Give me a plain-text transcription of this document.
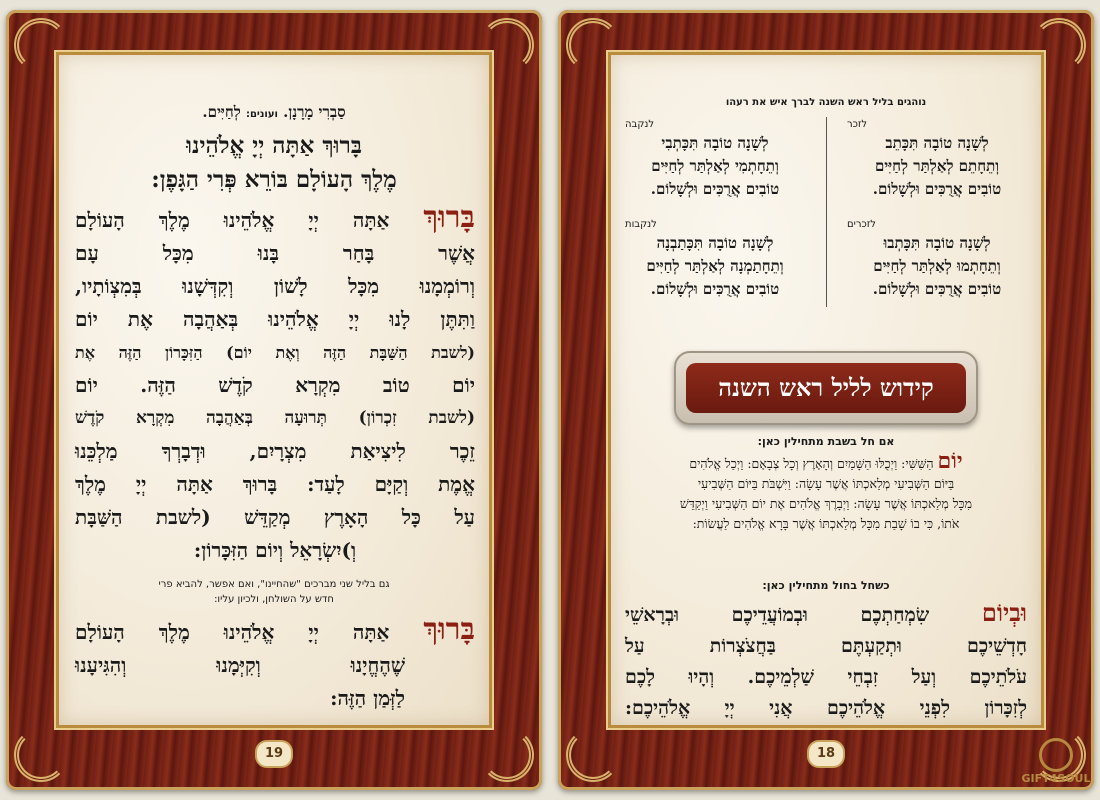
סַבְרִי מָרָנָן. ועונים: לְחַיִּים.
בָּרוּךְ אַתָּה יְיָ אֱלֹהֵינוּ
מֶלֶךְ הָעוֹלָם בּוֹרֵא פְּרִי הַגָּפֶן:
בָּרוּךְ אַתָּה יְיָ אֱלֹהֵינוּ מֶלֶךְ הָעוֹלָם
אֲשֶׁר בָּחַר בָּנוּ מִכָּל עָם
וְרוֹמְמָנוּ מִכָּל לָשׁוֹן וְקִדְּשָׁנוּ בְּמִצְוֹתָיו,
וַתִּתֶּן לָנוּ יְיָ אֱלֹהֵינוּ בְּאַהֲבָה אֶת יוֹם
(לשבת הַשַּׁבָּת הַזֶּה וְאֶת יוֹם) הַזִּכָּרוֹן הַזֶּה אֶת
יוֹם טוֹב מִקְרָא קֹדֶשׁ הַזֶּה. יוֹם
(לשבת זִכְרוֹן) תְּרוּעָה בְּאַהֲבָה מִקְרָא קֹדֶשׁ
זֵכֶר לִיצִיאַת מִצְרָיִם, וּדְבָרְךָ מַלְכֵּנוּ
אֱמֶת וְקַיָּם לָעַד: בָּרוּךְ אַתָּה יְיָ מֶלֶךְ
עַל כָּל הָאָרֶץ מְקַדֵּשׁ (לשבת הַשַּׁבָּת
וְ)יִשְׂרָאֵל וְיוֹם הַזִּכָּרוֹן:
גם בליל שני מברכים "שהחיינו", ואם אפשר, להביא פרי
חדש על השולחן, ולכיון עליו:
בָּרוּךְ אַתָּה יְיָ אֱלֹהֵינוּ מֶלֶךְ הָעוֹלָם
שֶׁהֶחֱיָנוּ וְקִיְּמָנוּ וְהִגִּיעָנוּ
לַזְּמַן הַזֶּה:
19
נוהגים בליל ראש השנה לברך איש את רעהו
לזכר
לְשָׁנָה טוֹבָה תִּכָּתֵב
וְתֵחָתֵם לְאַלְתַּר לְחַיִּים
טוֹבִים אֲרֻכִּים וּלְשָׁלוֹם.
לנקבה
לְשָׁנָה טוֹבָה תִּכָּתְבִי
וְתֵחָתְמִי לְאַלְתַּר לְחַיִּים
טוֹבִים אֲרֻכִּים וּלְשָׁלוֹם.
לזכרים
לְשָׁנָה טוֹבָה תִּכָּתְבוּ
וְתֵחָתְמוּ לְאַלְתַּר לְחַיִּים
טוֹבִים אֲרֻכִּים וּלְשָׁלוֹם.
לנקבות
לְשָׁנָה טוֹבָה תִּכָּתַבְנָה
וְתֵחָתַמְנָה לְאַלְתַּר לְחַיִּים
טוֹבִים אֲרֻכִּים וּלְשָׁלוֹם.
קידוש לליל ראש השנה
אם חל בשבת מתחילין כאן:
יוֹם הַשִּׁשִּׁי: וַיְכֻלּוּ הַשָּׁמַיִם וְהָאָרֶץ וְכָל צְבָאָם: וַיְכַל אֱלֹהִים
בַּיּוֹם הַשְּׁבִיעִי מְלַאכְתּוֹ אֲשֶׁר עָשָׂה: וַיִּשְׁבֹּת בַּיּוֹם הַשְּׁבִיעִי
מִכָּל מְלַאכְתּוֹ אֲשֶׁר עָשָׂה: וַיְבָרֶךְ אֱלֹהִים אֶת יוֹם הַשְּׁבִיעִי וַיְקַדֵּשׁ
אֹתוֹ, כִּי בוֹ שָׁבַת מִכָּל מְלַאכְתּוֹ אֲשֶׁר בָּרָא אֱלֹהִים לַעֲשׂוֹת:
כשחל בחול מתחילין כאן:
וּבְיוֹם שִׂמְחַתְכֶם וּבְמוֹעֲדֵיכֶם וּבְרָאשֵׁי
חָדְשֵׁיכֶם וּתְקַעְתֶּם בַּחֲצֹצְרוֹת עַל
עֹלֹתֵיכֶם וְעַל זִבְחֵי שַׁלְמֵיכֶם. וְהָיוּ לָכֶם
לְזִכָּרוֹן לִפְנֵי אֱלֹהֵיכֶם אֲנִי יְיָ אֱלֹהֵיכֶם:
18
GIFT4SOUL
